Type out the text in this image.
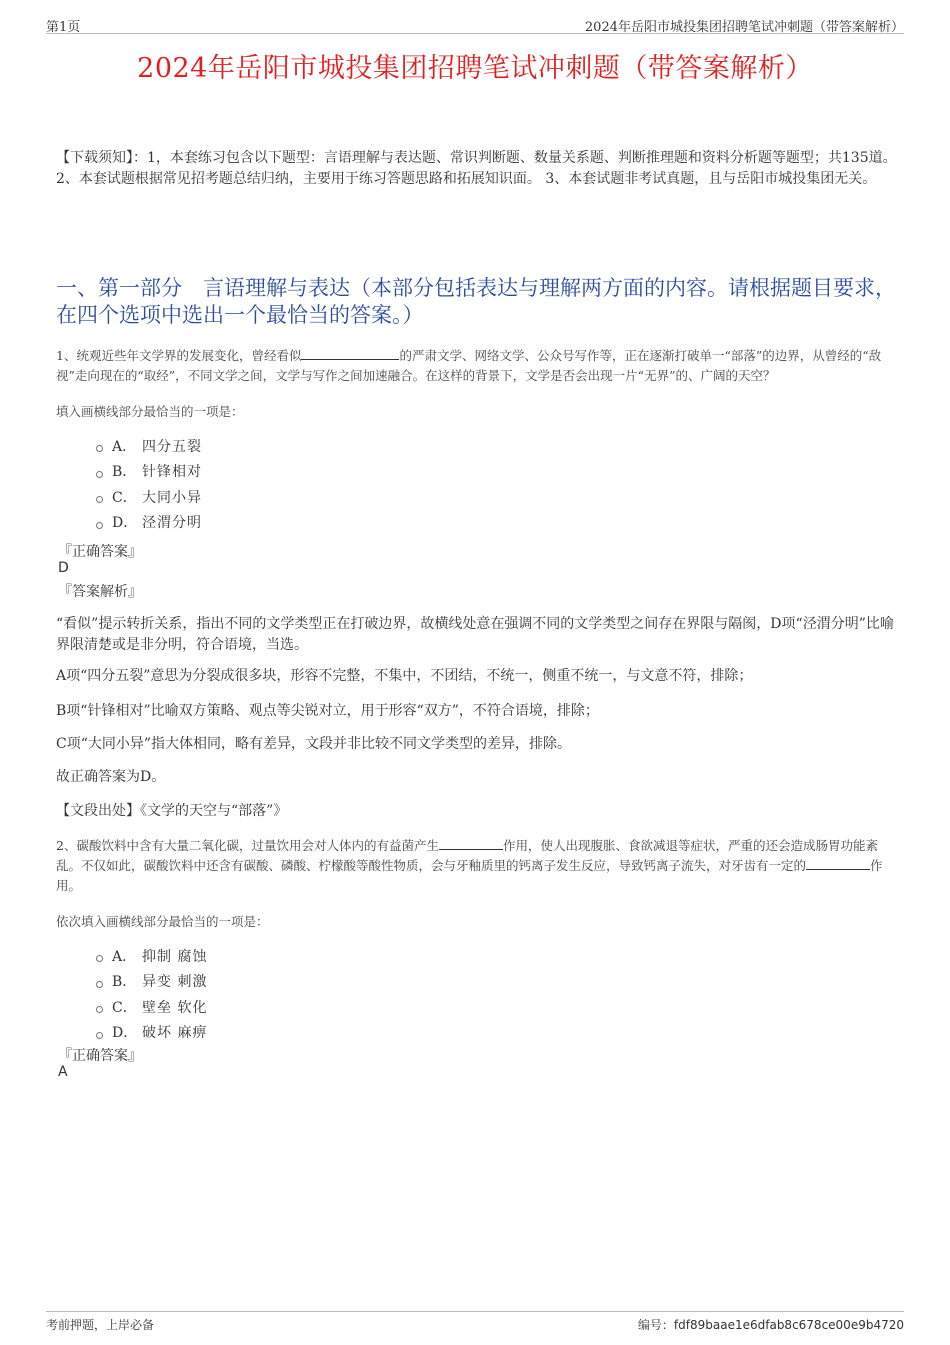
第1页	2024年岳阳市城投集团招聘笔试冲刺题（带答案解析）
2024年岳阳市城投集团招聘笔试冲刺题（带答案解析）
【下载须知】：1，本套练习包含以下题型：言语理解与表达题、常识判断题、数量关系题、判断推理题和资料分析题等题型；共135道。 2、本套试题根据常见招考题总结归纳，主要用于练习答题思路和拓展知识面。 3、本套试题非考试真题，且与岳阳市城投集团无关。
一、第一部分　言语理解与表达（本部分包括表达与理解两方面的内容。请根据题目要求，在四个选项中选出一个最恰当的答案。）
1、统观近些年文学界的发展变化，曾经看似	的严肃文学、网络文学、公众号写作等，正在逐渐打破单一“部落”的边界，从曾经的“敌视”走向现在的“取经”，不同文学之间，文学与写作之间加速融合。在这样的背景下，文学是否会出现一片“无界”的、广阔的天空？
填入画横线部分最恰当的一项是：
A． 四分五裂
B． 针锋相对
C． 大同小异
D． 泾渭分明
『正确答案』
D
『答案解析』
“看似”提示转折关系，指出不同的文学类型正在打破边界，故横线处意在强调不同的文学类型之间存在界限与隔阂，D项“泾渭分明”比喻界限清楚或是非分明，符合语境，当选。
A项“四分五裂”意思为分裂成很多块，形容不完整，不集中，不团结，不统一，侧重不统一，与文意不符，排除；
B项“针锋相对”比喻双方策略、观点等尖锐对立，用于形容“双方”，不符合语境，排除；
C项“大同小异”指大体相同，略有差异，文段并非比较不同文学类型的差异，排除。
故正确答案为D。
【文段出处】《文学的天空与“部落”》
2、碳酸饮料中含有大量二氧化碳，过量饮用会对人体内的有益菌产生	作用，使人出现腹胀、食欲减退等症状，严重的还会造成肠胃功能紊乱。不仅如此，碳酸饮料中还含有碳酸、磷酸、柠檬酸等酸性物质，会与牙釉质里的钙离子发生反应，导致钙离子流失，对牙齿有一定的	作用。
依次填入画横线部分最恰当的一项是：
A． 抑制 腐蚀
B． 异变 刺激
C． 壁垒 软化
D． 破坏 麻痹
『正确答案』
A
考前押题，上岸必备	编号：fdf89baae1e6dfab8c678ce00e9b4720
